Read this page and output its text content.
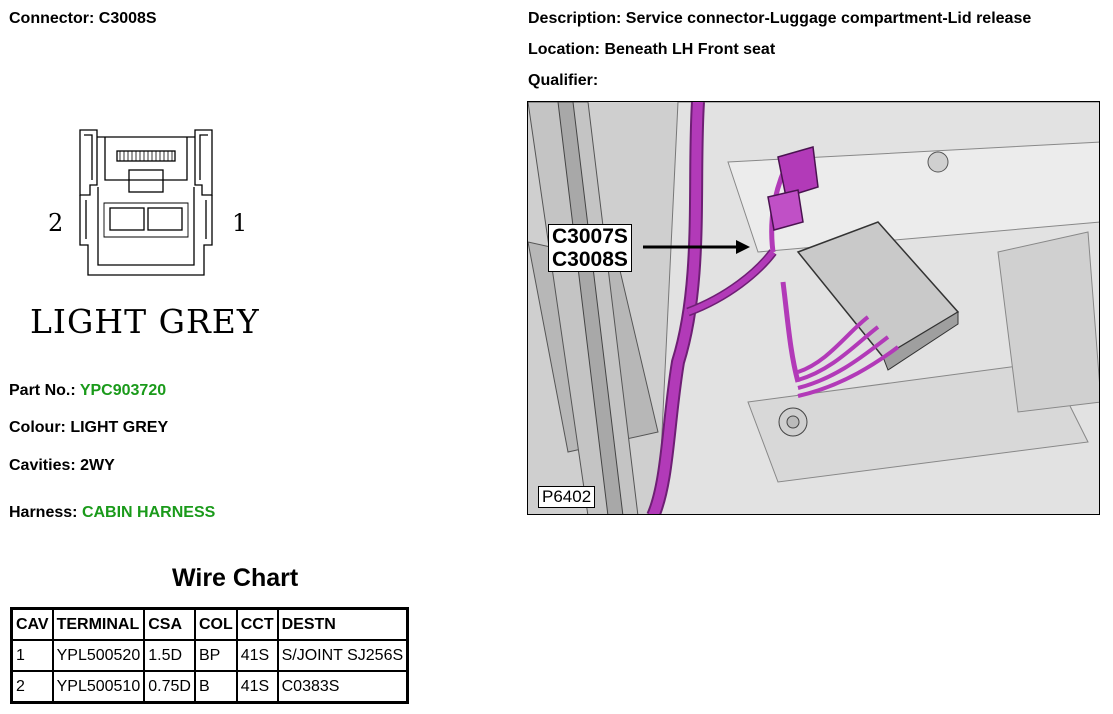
Connector: C3008S	Description: Service connector-Luggage compartment-Lid release
Location: Beneath LH Front seat
Qualifier:
2	1
LIGHT GREY
Part No.: YPC903720
Colour: LIGHT GREY
Cavities: 2WY
Harness: CABIN HARNESS
C3007S
C3008S
P6402
Wire Chart
CAV	TERMINAL	CSA	COL	CCT	DESTN
1	YPL500520	1.5D	BP	41S	S/JOINT SJ256S
2	YPL500510	0.75D	B	41S	C0383S
